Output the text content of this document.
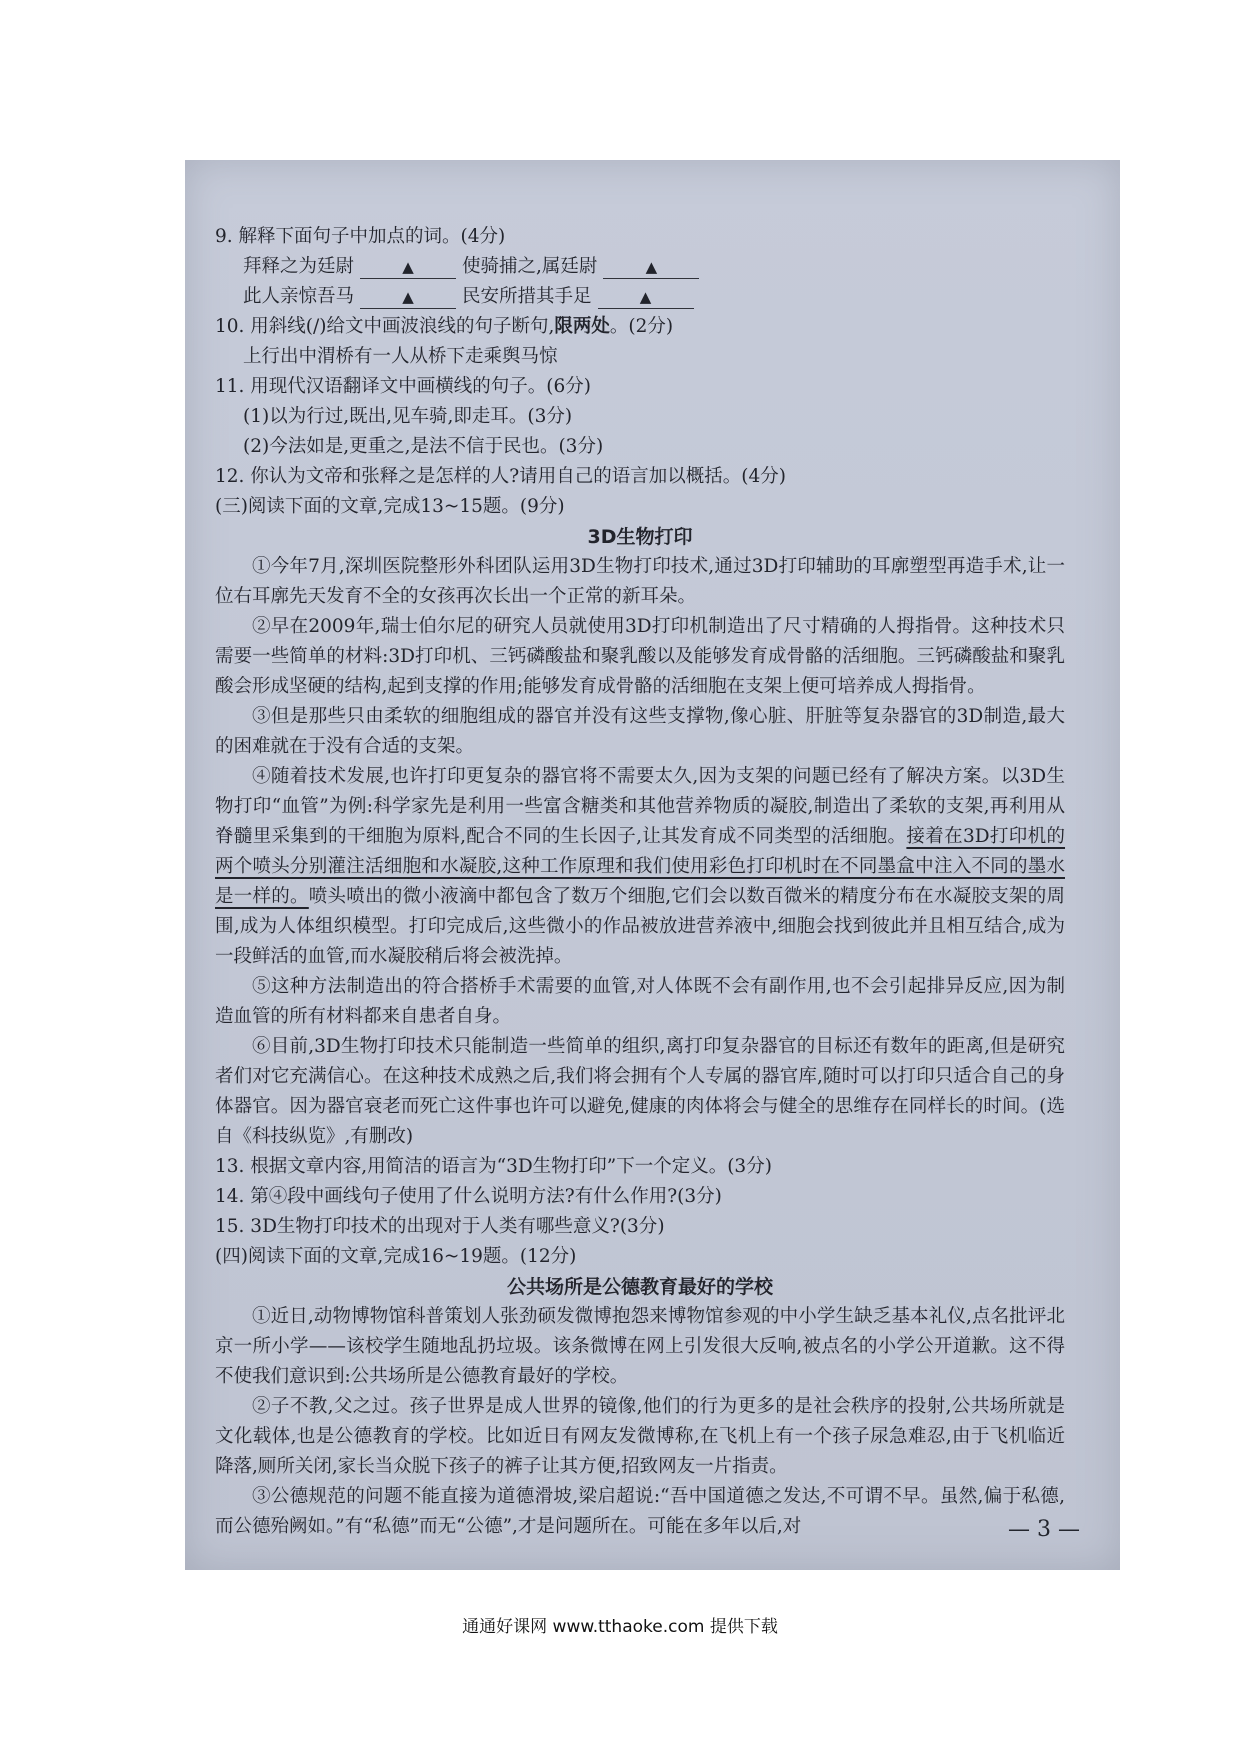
9. 解释下面句子中加点的词。(4分)
拜释之为廷尉	▲	使骑捕之,属廷尉	▲
此人亲惊吾马	▲	民安所措其手足	▲
10. 用斜线(/)给文中画波浪线的句子断句,限两处。(2分)
上行出中渭桥有一人从桥下走乘舆马惊
11. 用现代汉语翻译文中画横线的句子。(6分)
(1)以为行过,既出,见车骑,即走耳。(3分)
(2)今法如是,更重之,是法不信于民也。(3分)
12. 你认为文帝和张释之是怎样的人?请用自己的语言加以概括。(4分)
(三)阅读下面的文章,完成13~15题。(9分)
3D生物打印

①今年7月,深圳医院整形外科团队运用3D生物打印技术,通过3D打印辅助的耳廓塑型再造手术,让一位右耳廓先天发育不全的女孩再次长出一个正常的新耳朵。

②早在2009年,瑞士伯尔尼的研究人员就使用3D打印机制造出了尺寸精确的人拇指骨。这种技术只需要一些简单的材料:3D打印机、三钙磷酸盐和聚乳酸以及能够发育成骨骼的活细胞。三钙磷酸盐和聚乳酸会形成坚硬的结构,起到支撑的作用;能够发育成骨骼的活细胞在支架上便可培养成人拇指骨。

③但是那些只由柔软的细胞组成的器官并没有这些支撑物,像心脏、肝脏等复杂器官的3D制造,最大的困难就在于没有合适的支架。

④随着技术发展,也许打印更复杂的器官将不需要太久,因为支架的问题已经有了解决方案。以3D生物打印“血管”为例:科学家先是利用一些富含糖类和其他营养物质的凝胶,制造出了柔软的支架,再利用从脊髓里采集到的干细胞为原料,配合不同的生长因子,让其发育成不同类型的活细胞。接着在3D打印机的两个喷头分别灌注活细胞和水凝胶,这种工作原理和我们使用彩色打印机时在不同墨盒中注入不同的墨水是一样的。喷头喷出的微小液滴中都包含了数万个细胞,它们会以数百微米的精度分布在水凝胶支架的周围,成为人体组织模型。打印完成后,这些微小的作品被放进营养液中,细胞会找到彼此并且相互结合,成为一段鲜活的血管,而水凝胶稍后将会被洗掉。

⑤这种方法制造出的符合搭桥手术需要的血管,对人体既不会有副作用,也不会引起排异反应,因为制造血管的所有材料都来自患者自身。

⑥目前,3D生物打印技术只能制造一些简单的组织,离打印复杂器官的目标还有数年的距离,但是研究者们对它充满信心。在这种技术成熟之后,我们将会拥有个人专属的器官库,随时可以打印只适合自己的身体器官。因为器官衰老而死亡这件事也许可以避免,健康的肉体将会与健全的思维存在同样长的时间。(选自《科技纵览》,有删改)

13. 根据文章内容,用简洁的语言为“3D生物打印”下一个定义。(3分)
14. 第④段中画线句子使用了什么说明方法?有什么作用?(3分)
15. 3D生物打印技术的出现对于人类有哪些意义?(3分)
(四)阅读下面的文章,完成16~19题。(12分)
公共场所是公德教育最好的学校

①近日,动物博物馆科普策划人张劲硕发微博抱怨来博物馆参观的中小学生缺乏基本礼仪,点名批评北京一所小学——该校学生随地乱扔垃圾。该条微博在网上引发很大反响,被点名的小学公开道歉。这不得不使我们意识到:公共场所是公德教育最好的学校。

②子不教,父之过。孩子世界是成人世界的镜像,他们的行为更多的是社会秩序的投射,公共场所就是文化载体,也是公德教育的学校。比如近日有网友发微博称,在飞机上有一个孩子尿急难忍,由于飞机临近降落,厕所关闭,家长当众脱下孩子的裤子让其方便,招致网友一片指责。

③公德规范的问题不能直接为道德滑坡,梁启超说:“吾中国道德之发达,不可谓不早。虽然,偏于私德,而公德殆阙如。”有“私德”而无“公德”,才是问题所在。可能在多年以后,对	— 3 —
通通好课网 www.tthaoke.com 提供下载
